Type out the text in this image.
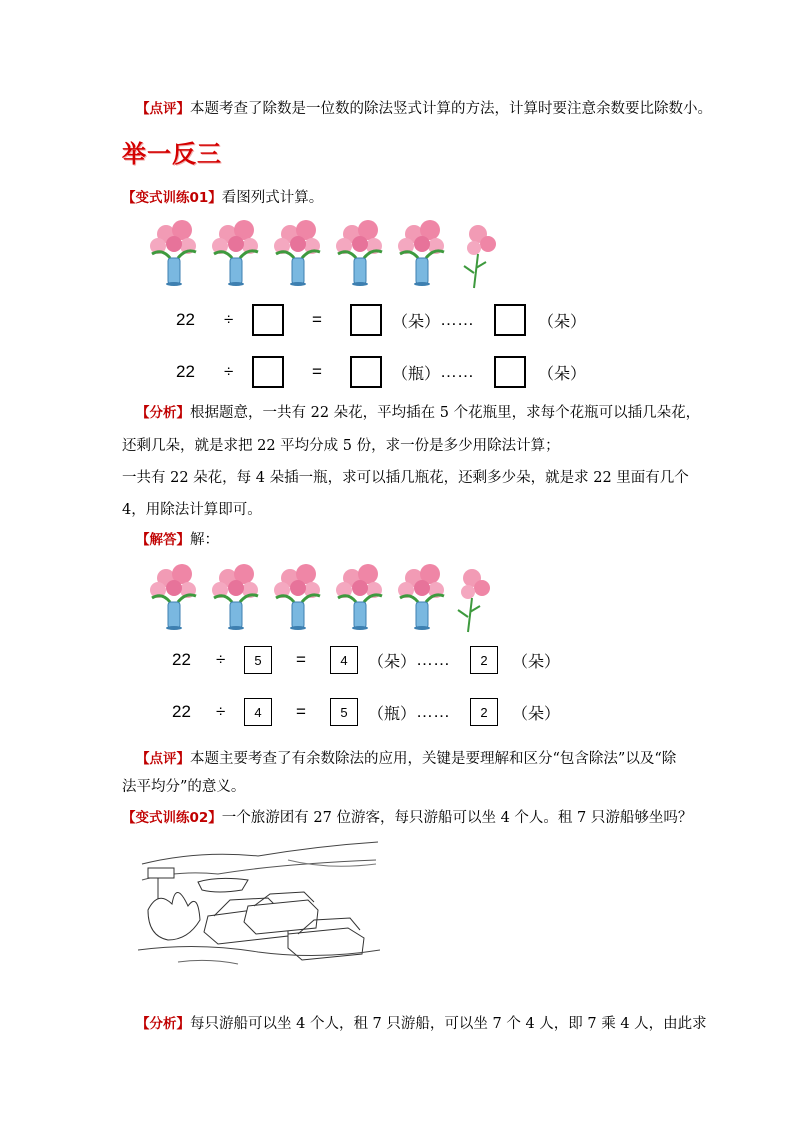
【点评】本题考查了除数是一位数的除法竖式计算的方法，计算时要注意余数要比除数小。
举一反三
【变式训练01】看图列式计算。
22	÷	=	（朵） ……	（朵）
22	÷	=	（瓶） ……	（朵）
【分析】根据题意，一共有 22 朵花，平均插在 5 个花瓶里，求每个花瓶可以插几朵花，
还剩几朵，就是求把 22 平均分成 5 份，求一份是多少用除法计算；
一共有 22 朵花，每 4 朵插一瓶，求可以插几瓶花，还剩多少朵，就是求 22 里面有几个
4，用除法计算即可。
【解答】解：
22	÷	5	=	4	（朵） ……	2	（朵）
22	÷	4	=	5	（瓶） ……	2	（朵）
【点评】本题主要考查了有余数除法的应用，关键是要理解和区分“包含除法”以及“除
法平均分”的意义。
【变式训练02】一个旅游团有 27 位游客，每只游船可以坐 4 个人。租 7 只游船够坐吗？
【分析】每只游船可以坐 4 个人，租 7 只游船，可以坐 7 个 4 人，即 7 乘 4 人，由此求
